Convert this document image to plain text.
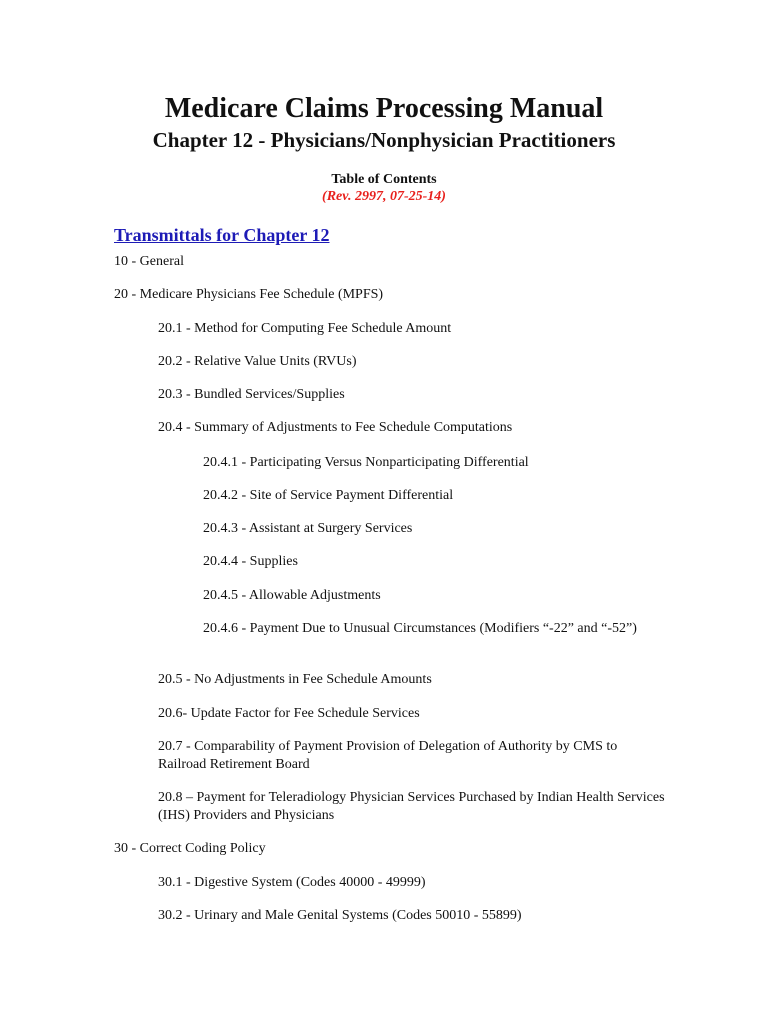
Medicare Claims Processing Manual
Chapter 12 - Physicians/Nonphysician Practitioners
Table of Contents
(Rev. 2997, 07-25-14)
Transmittals for Chapter 12

10 - General

20 - Medicare Physicians Fee Schedule (MPFS)

20.1 - Method for Computing Fee Schedule Amount

20.2 - Relative Value Units (RVUs)

20.3 - Bundled Services/Supplies

20.4 - Summary of Adjustments to Fee Schedule Computations

20.4.1 - Participating Versus Nonparticipating Differential

20.4.2 - Site of Service Payment Differential

20.4.3 - Assistant at Surgery Services

20.4.4 - Supplies

20.4.5 - Allowable Adjustments

20.4.6 - Payment Due to Unusual Circumstances (Modifiers “-22” and “-52”)

20.5 - No Adjustments in Fee Schedule Amounts

20.6- Update Factor for Fee Schedule Services

20.7 - Comparability of Payment Provision of Delegation of Authority by CMS to Railroad Retirement Board

20.8 – Payment for Teleradiology Physician Services Purchased by Indian Health Services (IHS) Providers and Physicians

30 - Correct Coding Policy

30.1 - Digestive System (Codes 40000 - 49999)

30.2 - Urinary and Male Genital Systems (Codes 50010 - 55899)
